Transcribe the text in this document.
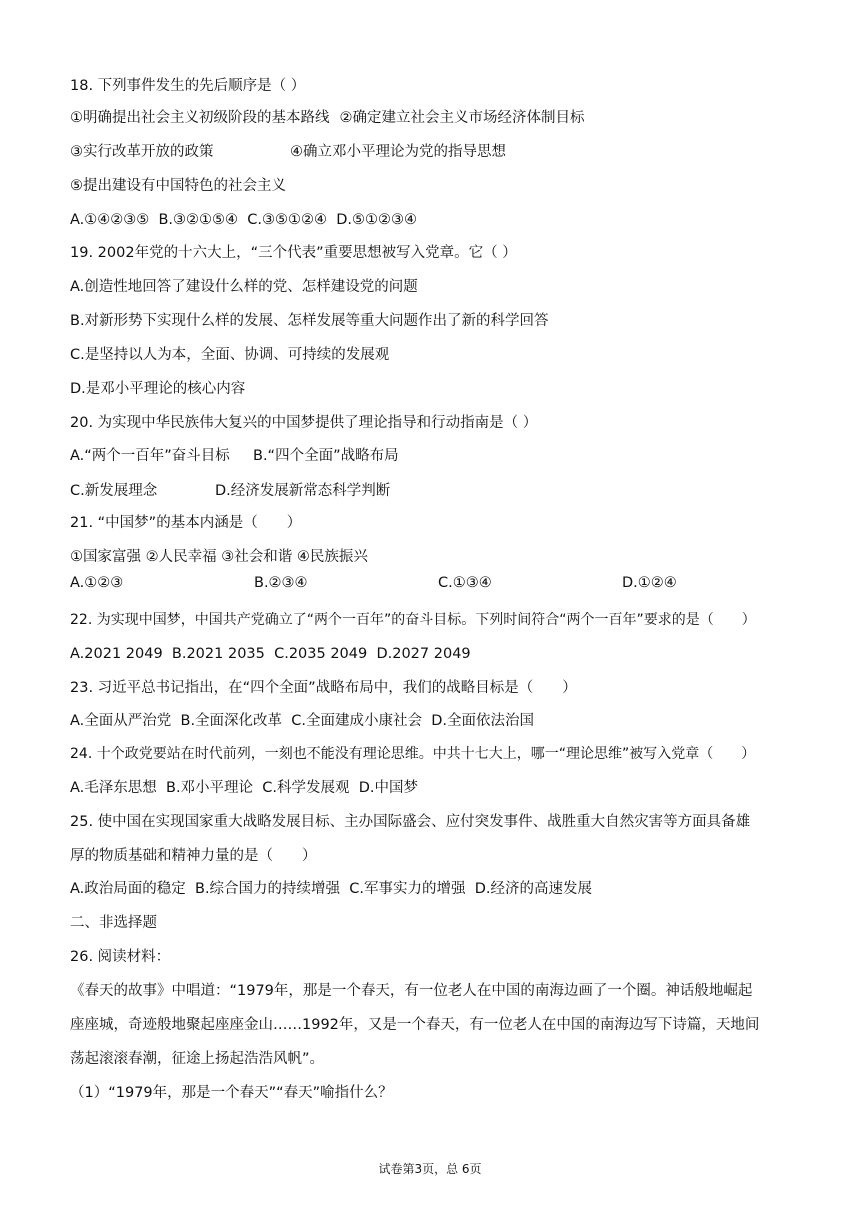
18. 下列事件发生的先后顺序是（ ）
①明确提出社会主义初级阶段的基本路线 ②确定建立社会主义市场经济体制目标
③实行改革开放的政策	④确立邓小平理论为党的指导思想
⑤提出建设有中国特色的社会主义
A.①④②③⑤  B.③②①⑤④  C.③⑤①②④  D.⑤①②③④
19. 2002年党的十六大上，“三个代表”重要思想被写入党章。它（ ）
A.创造性地回答了建设什么样的党、怎样建设党的问题
B.对新形势下实现什么样的发展、怎样发展等重大问题作出了新的科学回答
C.是坚持以人为本，全面、协调、可持续的发展观
D.是邓小平理论的核心内容
20. 为实现中华民族伟大复兴的中国梦提供了理论指导和行动指南是（ ）
A.“两个一百年”奋斗目标 B.“四个全面”战略布局
C.新发展理念	D.经济发展新常态科学判断
21. “中国梦”的基本内涵是（　　）
①国家富强 ②人民幸福 ③社会和谐 ④民族振兴
A.①②③	B.②③④	C.①③④	D.①②④
22. 为实现中国梦，中国共产党确立了“两个一百年”的奋斗目标。下列时间符合“两个一百年”要求的是（　　）
A.2021 2049  B.2021 2035  C.2035 2049  D.2027 2049
23. 习近平总书记指出，在“四个全面”战略布局中，我们的战略目标是（　　）
A.全面从严治党  B.全面深化改革  C.全面建成小康社会  D.全面依法治国
24. 十个政党要站在时代前列，一刻也不能没有理论思维。中共十七大上，哪一“理论思维”被写入党章（　　）
A.毛泽东思想  B.邓小平理论  C.科学发展观  D.中国梦
25. 使中国在实现国家重大战略发展目标、主办国际盛会、应付突发事件、战胜重大自然灾害等方面具备雄
厚的物质基础和精神力量的是（　　）
A.政治局面的稳定  B.综合国力的持续增强  C.军事实力的增强  D.经济的高速发展
二、非选择题
26. 阅读材料：
《春天的故事》中唱道：“1979年，那是一个春天，有一位老人在中国的南海边画了一个圈。神话般地崛起
座座城，奇迹般地聚起座座金山……1992年，又是一个春天，有一位老人在中国的南海边写下诗篇，天地间
荡起滚滚春潮，征途上扬起浩浩风帆”。
（1）“1979年，那是一个春天”“春天”喻指什么？
试卷第3页，总 6页
